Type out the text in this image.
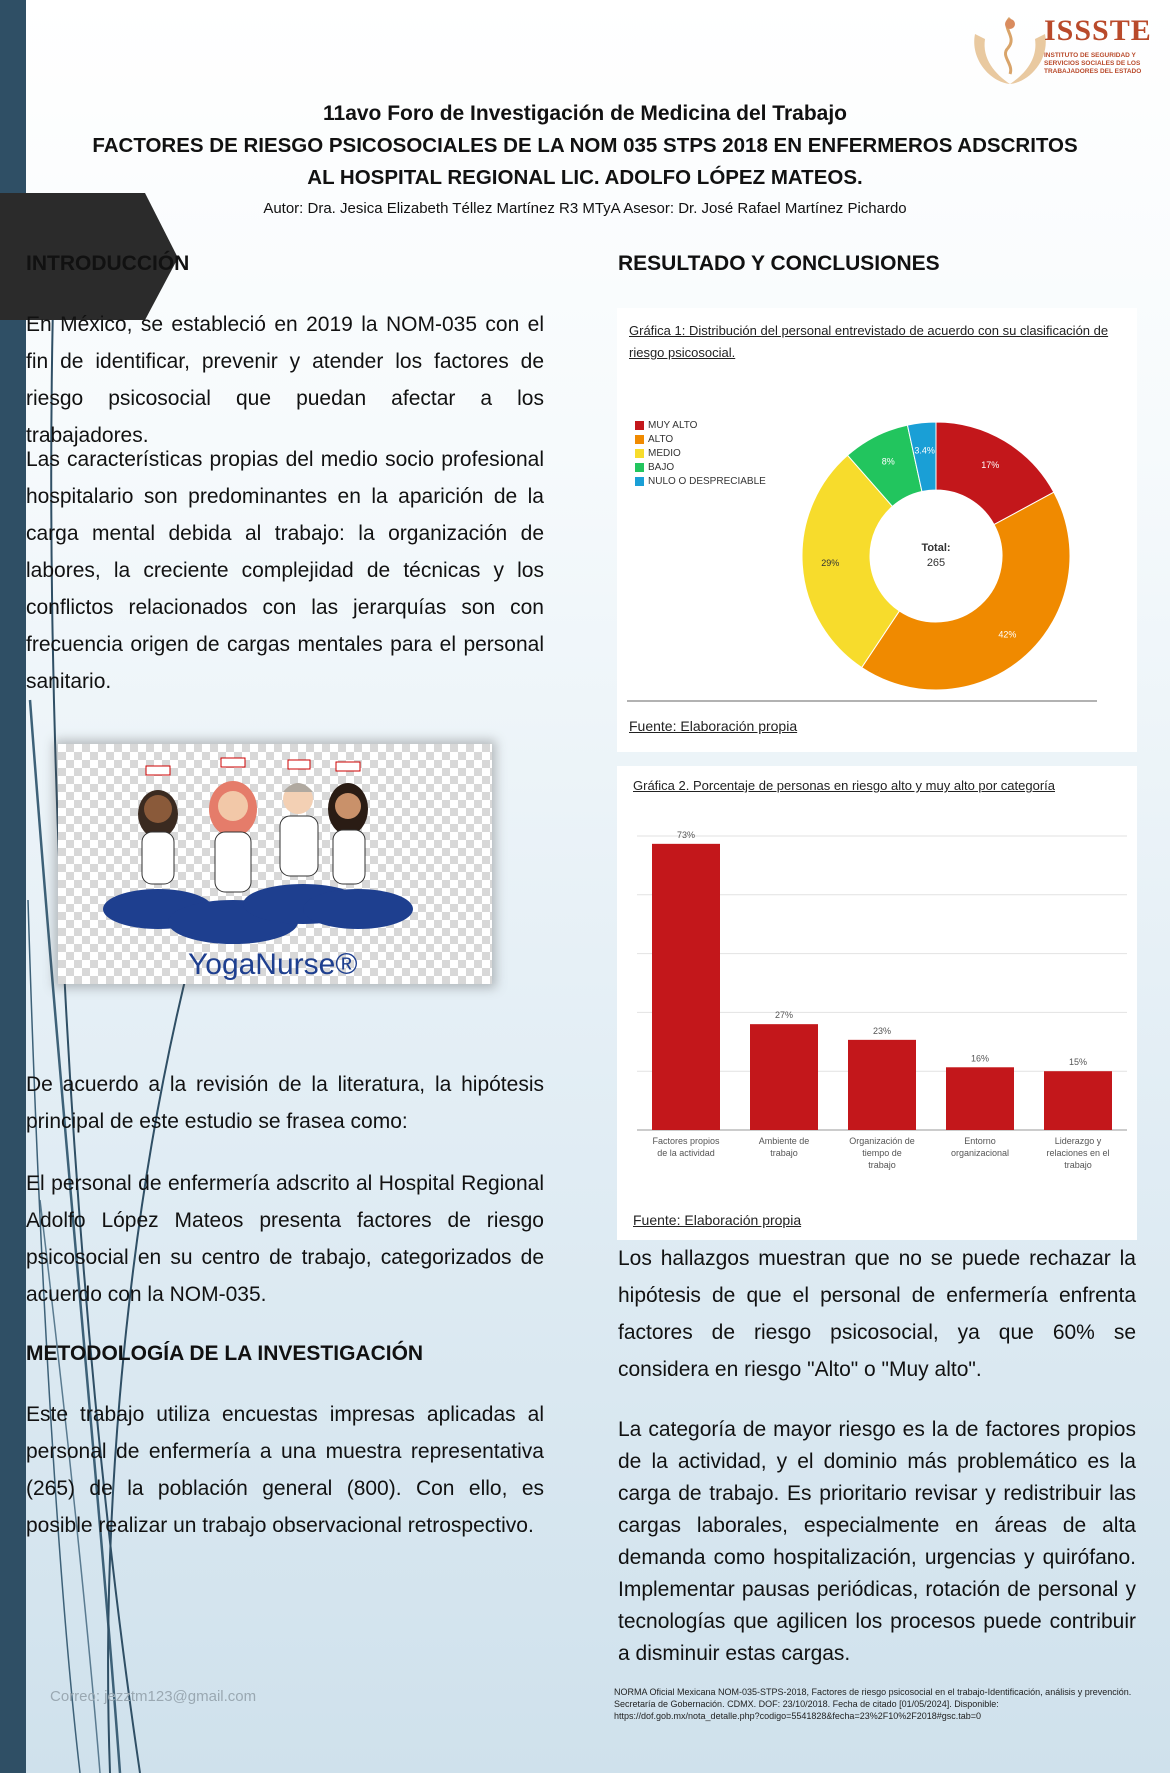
ISSSTE
INSTITUTO DE SEGURIDAD Y SERVICIOS SOCIALES DE LOS TRABAJADORES DEL ESTADO
11avo Foro de Investigación de Medicina del Trabajo
FACTORES DE RIESGO PSICOSOCIALES DE LA NOM 035 STPS 2018 EN ENFERMEROS ADSCRITOS
AL HOSPITAL REGIONAL LIC. ADOLFO LÓPEZ MATEOS.
Autor: Dra. Jesica Elizabeth Téllez Martínez R3 MTyA Asesor: Dr. José Rafael Martínez Pichardo
INTRODUCCIÓN
En México, se estableció en 2019 la NOM-035 con el fin de identificar, prevenir y atender los factores de riesgo psicosocial que puedan afectar a los trabajadores.
Las características propias del medio socio profesional hospitalario son predominantes en la aparición de la carga mental debida al trabajo: la organización de labores, la creciente complejidad de técnicas y los conflictos relacionados con las jerarquías son con frecuencia origen de cargas mentales para el personal sanitario.
YogaNurse®
De acuerdo a la revisión de la literatura, la hipótesis principal de este estudio se frasea como:
El personal de enfermería adscrito al Hospital Regional Adolfo López Mateos presenta factores de riesgo psicosocial en su centro de trabajo, categorizados de acuerdo con la NOM-035.
METODOLOGÍA DE LA INVESTIGACIÓN
Este trabajo utiliza encuestas impresas aplicadas al personal de enfermería a una muestra representativa (265) de la población general (800). Con ello, es posible realizar un trabajo observacional retrospectivo.
RESULTADO Y CONCLUSIONES
Gráfica 1: Distribución del personal entrevistado de acuerdo con su clasificación de riesgo psicosocial.
MUY ALTO
ALTO
MEDIO
BAJO
NULO O DESPRECIABLE
17%
42%
29%
8%
3.4%
Total:
265
Fuente: Elaboración propia
Gráfica 2. Porcentaje de personas en riesgo alto y muy alto por categoría
73%
Factores propios de la actividad
27%
Ambiente de trabajo
23%
Organización de tiempo de trabajo
16%
Entorno organizacional
15%
Liderazgo y relaciones en el trabajo
Fuente: Elaboración propia
Los hallazgos muestran que no se puede rechazar la hipótesis de que el personal de enfermería enfrenta factores de riesgo psicosocial, ya que 60% se considera en riesgo "Alto" o "Muy alto".
La categoría de mayor riesgo es la de factores propios de la actividad, y el dominio más problemático es la carga de trabajo. Es prioritario revisar y redistribuir las cargas laborales, especialmente en áreas de alta demanda como hospitalización, urgencias y quirófano. Implementar pausas periódicas, rotación de personal y tecnologías que agilicen los procesos puede contribuir a disminuir estas cargas.
Correo: jezztm123@gmail.com	NORMA Oficial Mexicana NOM-035-STPS-2018, Factores de riesgo psicosocial en el trabajo-Identificación, análisis y prevención. Secretaría de Gobernación. CDMX. DOF: 23/10/2018. Fecha de citado [01/05/2024]. Disponible: https://dof.gob.mx/nota_detalle.php?codigo=5541828&fecha=23%2F10%2F2018#gsc.tab=0
